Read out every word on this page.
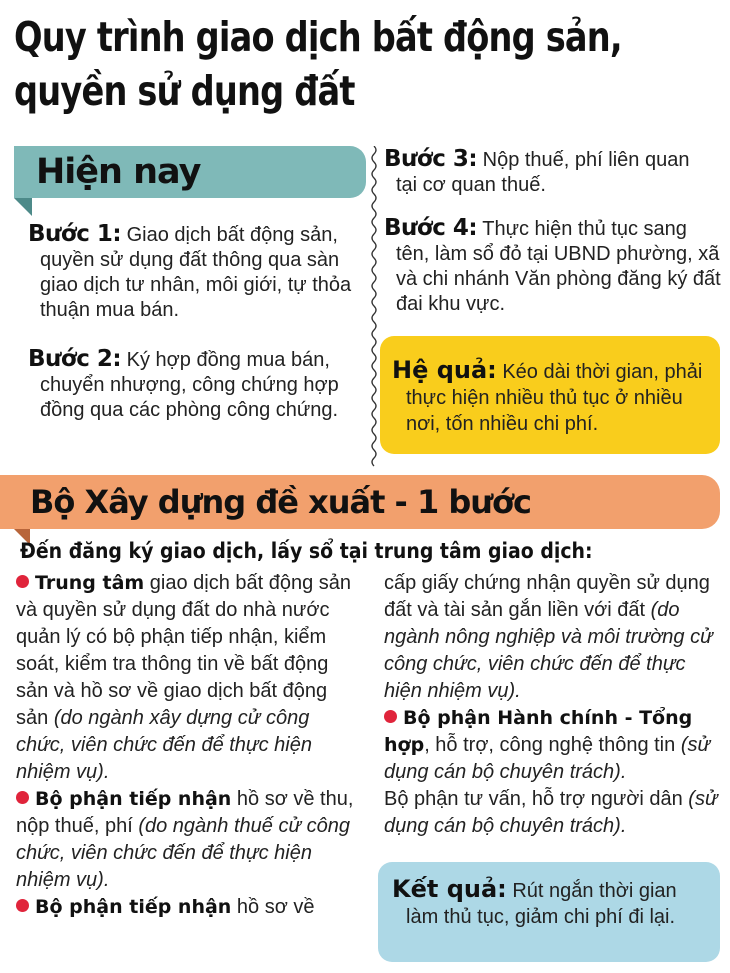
Quy trình giao dịch bất động sản,
quyền sử dụng đất
Hiện nay
Bước 1: Giao dịch bất động sản, quyền sử dụng đất thông qua sàn giao dịch tư nhân, môi giới, tự thỏa thuận mua bán.
Bước 2: Ký hợp đồng mua bán, chuyển nhượng, công chứng hợp đồng qua các phòng công chứng.
Bước 3: Nộp thuế, phí liên quan tại cơ quan thuế.
Bước 4: Thực hiện thủ tục sang tên, làm sổ đỏ tại UBND phường, xã và chi nhánh Văn phòng đăng ký đất đai khu vực.
Hệ quả: Kéo dài thời gian, phải thực hiện nhiều thủ tục ở nhiều nơi, tốn nhiều chi phí.
Bộ Xây dựng đề xuất - 1 bước
Đến đăng ký giao dịch, lấy sổ tại trung tâm giao dịch:
Trung tâm giao dịch bất động sản và quyền sử dụng đất do nhà nước quản lý có bộ phận tiếp nhận, kiểm soát, kiểm tra thông tin về bất động sản và hồ sơ về giao dịch bất động sản (do ngành xây dựng cử công chức, viên chức đến để thực hiện nhiệm vụ).
Bộ phận tiếp nhận hồ sơ về thu, nộp thuế, phí (do ngành thuế cử công chức, viên chức đến để thực hiện nhiệm vụ).
Bộ phận tiếp nhận hồ sơ về
cấp giấy chứng nhận quyền sử dụng đất và tài sản gắn liền với đất (do ngành nông nghiệp và môi trường cử công chức, viên chức đến để thực hiện nhiệm vụ).
Bộ phận Hành chính - Tổng hợp, hỗ trợ, công nghệ thông tin (sử dụng cán bộ chuyên trách).
Bộ phận tư vấn, hỗ trợ người dân (sử dụng cán bộ chuyên trách).
Kết quả: Rút ngắn thời gian làm thủ tục, giảm chi phí đi lại.
